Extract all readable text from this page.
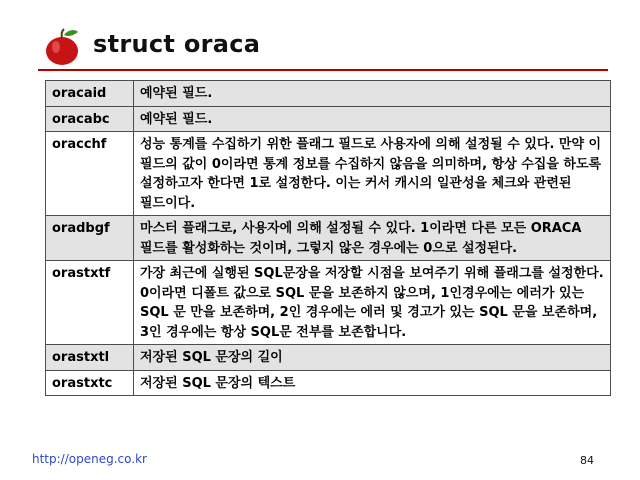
struct oraca
oracaid	예약된 필드.
oracabc	예약된 필드.
oracchf	성능 통계를 수집하기 위한 플래그 필드로 사용자에 의해 설정될 수 있다. 만약 이 필드의 값이 0이라면 통계 정보를 수집하지 않음을 의미하며, 항상 수집을 하도록 설정하고자 한다면 1로 설정한다. 이는 커서 캐시의 일관성을 체크와 관련된 필드이다.
oradbgf	마스터 플래그로, 사용자에 의해 설정될 수 있다. 1이라면 다른 모든 ORACA 필드를 활성화하는 것이며, 그렇지 않은 경우에는 0으로 설정된다.
orastxtf	가장 최근에 실행된 SQL문장을 저장할 시점을 보여주기 위해 플래그를 설정한다. 0이라면 디폴트 값으로 SQL 문을 보존하지 않으며, 1인경우에는 에러가 있는 SQL 문 만을 보존하며, 2인 경우에는 에러 및 경고가 있는 SQL 문을 보존하며, 3인 경우에는 항상 SQL문 전부를 보존합니다.
orastxtl	저장된 SQL 문장의 길이
orastxtc	저장된 SQL 문장의 텍스트
http://openeg.co.kr	84
